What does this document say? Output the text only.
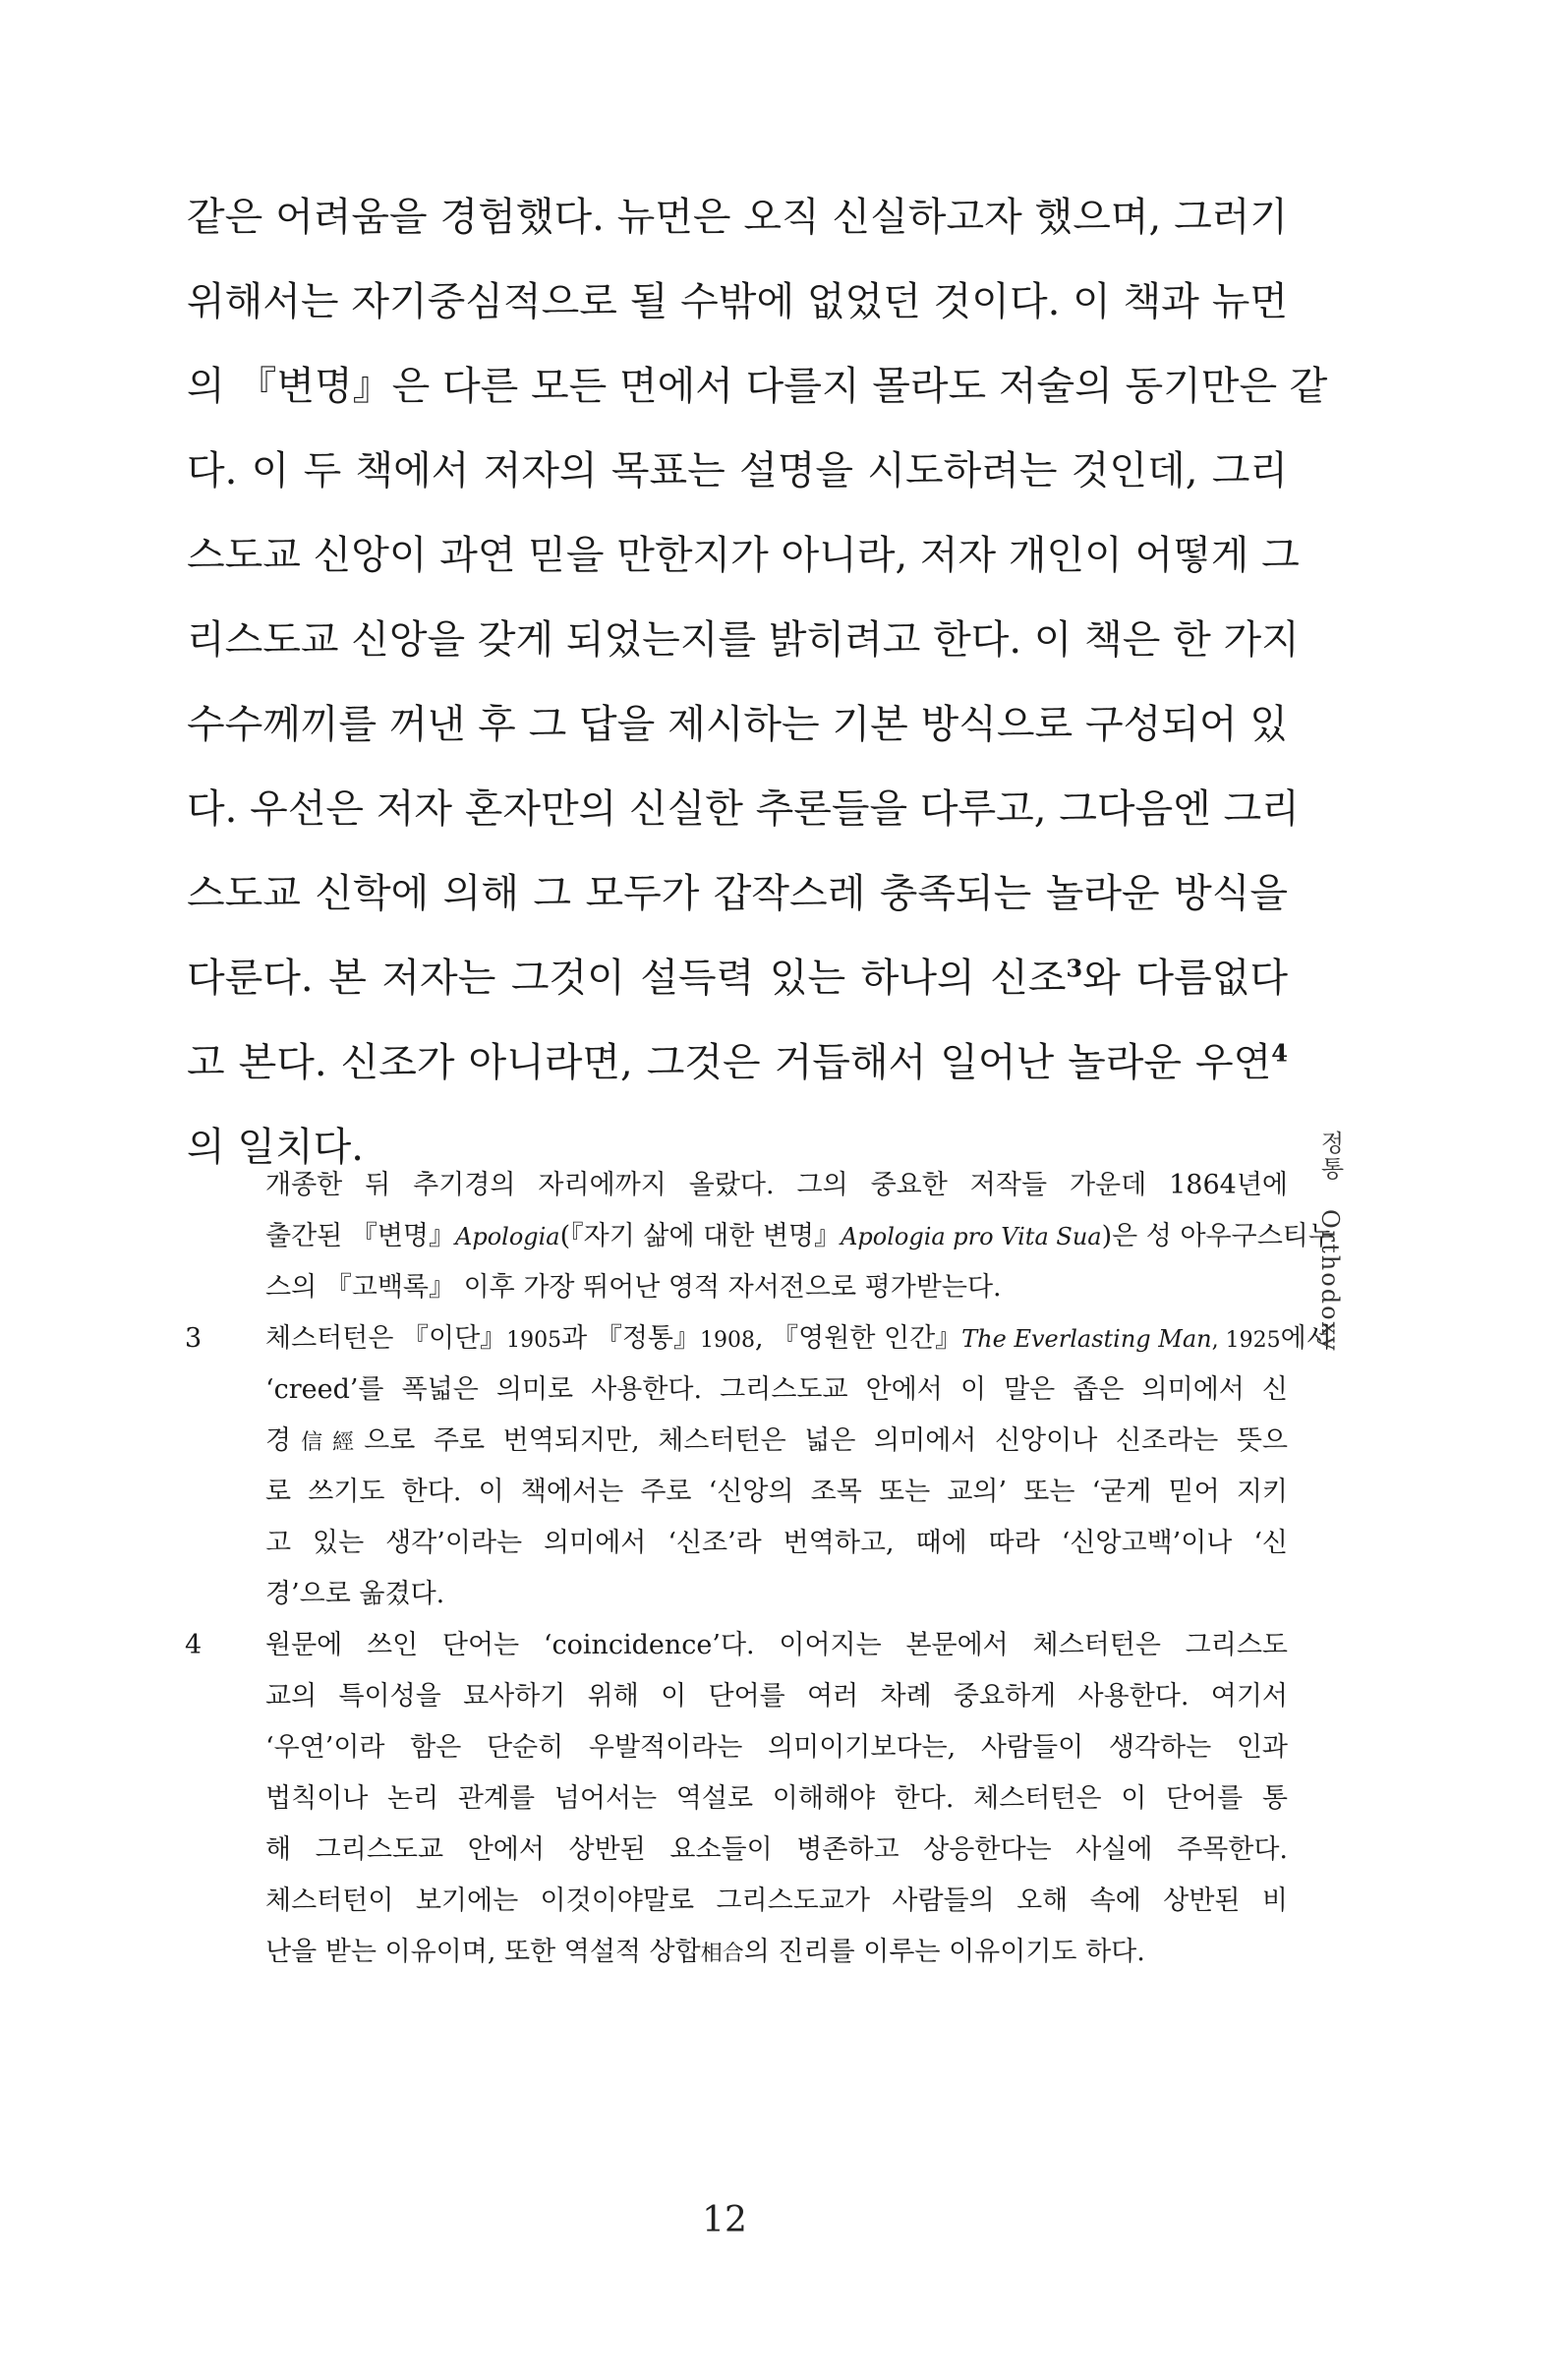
같은 어려움을 경험했다. 뉴먼은 오직 신실하고자 했으며, 그러기
위해서는 자기중심적으로 될 수밖에 없었던 것이다. 이 책과 뉴먼
의 『변명』은 다른 모든 면에서 다를지 몰라도 저술의 동기만은 같
다. 이 두 책에서 저자의 목표는 설명을 시도하려는 것인데, 그리
스도교 신앙이 과연 믿을 만한지가 아니라, 저자 개인이 어떻게 그
리스도교 신앙을 갖게 되었는지를 밝히려고 한다. 이 책은 한 가지
수수께끼를 꺼낸 후 그 답을 제시하는 기본 방식으로 구성되어 있
다. 우선은 저자 혼자만의 신실한 추론들을 다루고, 그다음엔 그리
스도교 신학에 의해 그 모두가 갑작스레 충족되는 놀라운 방식을
다룬다. 본 저자는 그것이 설득력 있는 하나의 신조$^3$와 다름없다
고 본다. 신조가 아니라면, 그것은 거듭해서 일어난 놀라운 우연$^4$
의 일치다.
개종한 뒤 추기경의 자리에까지 올랐다. 그의 중요한 저작들 가운데 1864년에
출간된 『변명』Apologia(『자기 삶에 대한 변명』Apologia pro Vita Sua)은 성 아우구스티누
스의 『고백록』 이후 가장 뛰어난 영적 자서전으로 평가받는다.
3 체스터턴은 『이단』1905과 『정통』1908, 『영원한 인간』The Everlasting Man, 1925에서
‘creed’를 폭넓은 의미로 사용한다. 그리스도교 안에서 이 말은 좁은 의미에서 신
경信經으로 주로 번역되지만, 체스터턴은 넓은 의미에서 신앙이나 신조라는 뜻으
로 쓰기도 한다. 이 책에서는 주로 ‘신앙의 조목 또는 교의’ 또는 ‘굳게 믿어 지키
고 있는 생각’이라는 의미에서 ‘신조’라 번역하고, 때에 따라 ‘신앙고백’이나 ‘신
경’으로 옮겼다.
4 원문에 쓰인 단어는 ‘coincidence’다. 이어지는 본문에서 체스터턴은 그리스도
교의 특이성을 묘사하기 위해 이 단어를 여러 차례 중요하게 사용한다. 여기서
‘우연’이라 함은 단순히 우발적이라는 의미이기보다는, 사람들이 생각하는 인과
법칙이나 논리 관계를 넘어서는 역설로 이해해야 한다. 체스터턴은 이 단어를 통
해 그리스도교 안에서 상반된 요소들이 병존하고 상응한다는 사실에 주목한다.
체스터턴이 보기에는 이것이야말로 그리스도교가 사람들의 오해 속에 상반된 비
난을 받는 이유이며, 또한 역설적 상합相合의 진리를 이루는 이유이기도 하다.
정통 Orthodoxy
12
